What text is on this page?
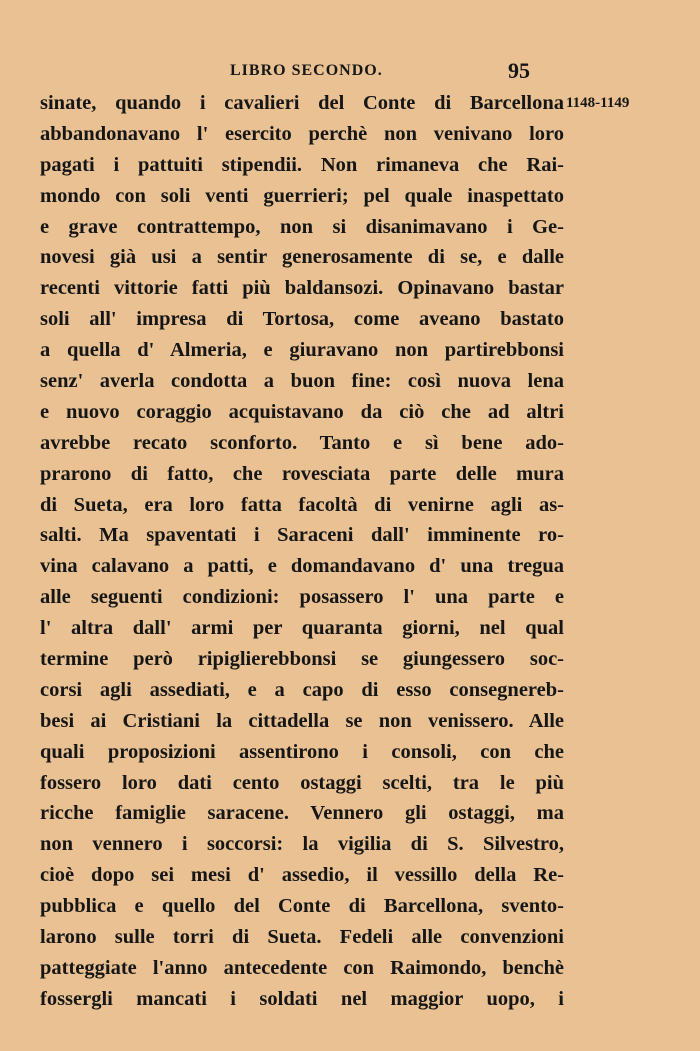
LIBRO SECONDO.	95
1148-1149
sinate, quando i cavalieri del Conte di Barcellona
abbandonavano l' esercito perchè non venivano loro
pagati i pattuiti stipendii. Non rimaneva che Rai-
mondo con soli venti guerrieri; pel quale inaspettato
e grave contrattempo, non si disanimavano i Ge-
novesi già usi a sentir generosamente di se, e dalle
recenti vittorie fatti più baldansozi. Opinavano bastar
soli all' impresa di Tortosa, come aveano bastato
a quella d' Almeria, e giuravano non partirebbonsi
senz' averla condotta a buon fine: così nuova lena
e nuovo coraggio acquistavano da ciò che ad altri
avrebbe recato sconforto. Tanto e sì bene ado-
prarono di fatto, che rovesciata parte delle mura
di Sueta, era loro fatta facoltà di venirne agli as-
salti. Ma spaventati i Saraceni dall' imminente ro-
vina calavano a patti, e domandavano d' una tregua
alle seguenti condizioni: posassero l' una parte e
l' altra dall' armi per quaranta giorni, nel qual
termine però ripiglierebbonsi se giungessero soc-
corsi agli assediati, e a capo di esso consegnereb-
besi ai Cristiani la cittadella se non venissero. Alle
quali proposizioni assentirono i consoli, con che
fossero loro dati cento ostaggi scelti, tra le più
ricche famiglie saracene. Vennero gli ostaggi, ma
non vennero i soccorsi: la vigilia di S. Silvestro,
cioè dopo sei mesi d' assedio, il vessillo della Re-
pubblica e quello del Conte di Barcellona, svento-
larono sulle torri di Sueta. Fedeli alle convenzioni
patteggiate l'anno antecedente con Raimondo, benchè
fossergli mancati i soldati nel maggior uopo, i
